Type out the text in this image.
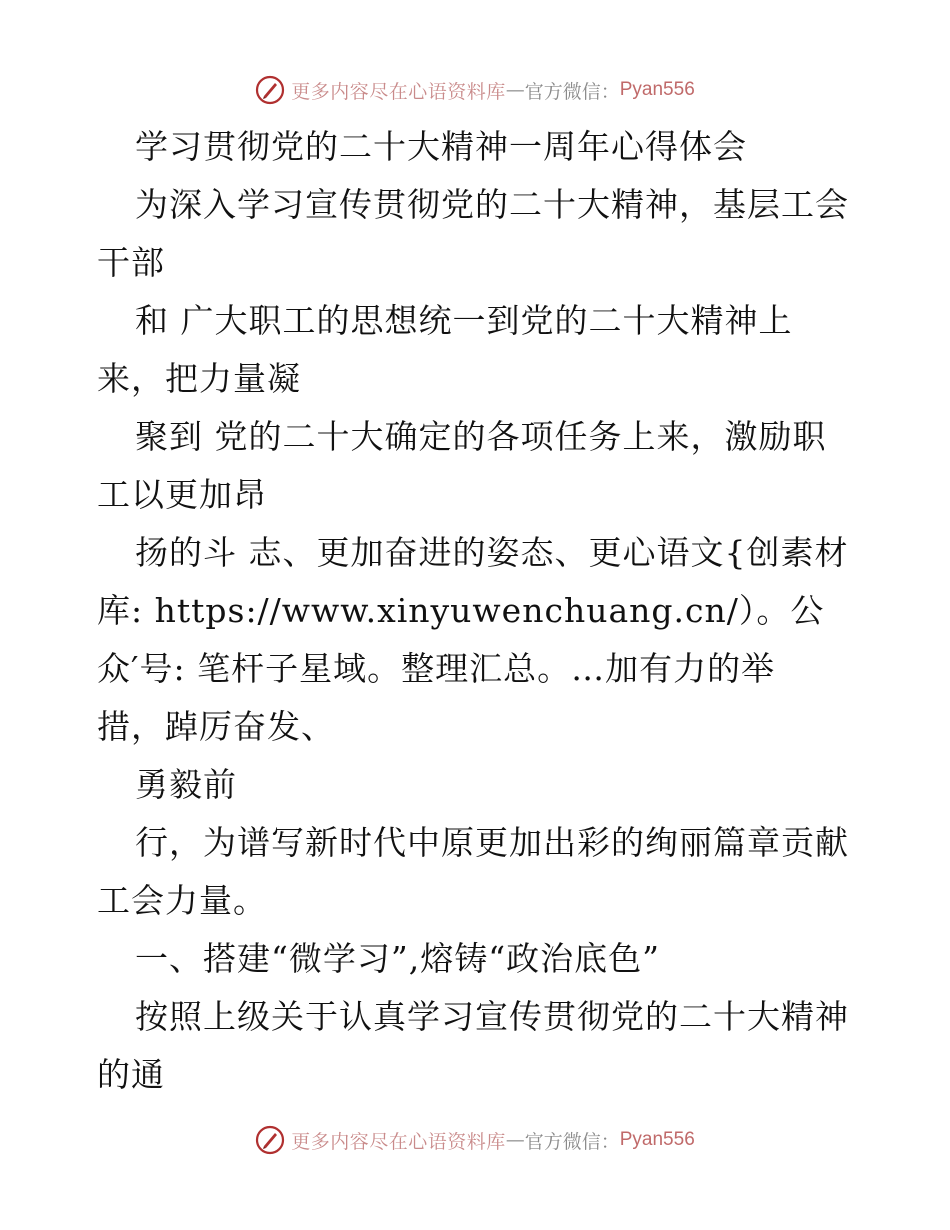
更多内容尽在心语资料库 — 官方微信： Pyan556
学习贯彻党的二十大精神一周年心得体会
为深入学习宣传贯彻党的二十大精神，基层工会
干部
和 广大职工的思想统一到党的二十大精神上
来，把力量凝
聚到 党的二十大确定的各项任务上来，激励职
工以更加昂
扬的斗 志、更加奋进的姿态、更心语文{创素材
库: https://www.xinyuwenchuang.cn/）。公
众′号: 笔杆子星域。整理汇总。…加有力的举
措，踔厉奋发、
勇毅前
行，为谱写新时代中原更加出彩的绚丽篇章贡献
工会力量。
一、搭建“微学习”,熔铸“政治底色”
按照上级关于认真学习宣传贯彻党的二十大精神
的通
更多内容尽在心语资料库 — 官方微信： Pyan556
